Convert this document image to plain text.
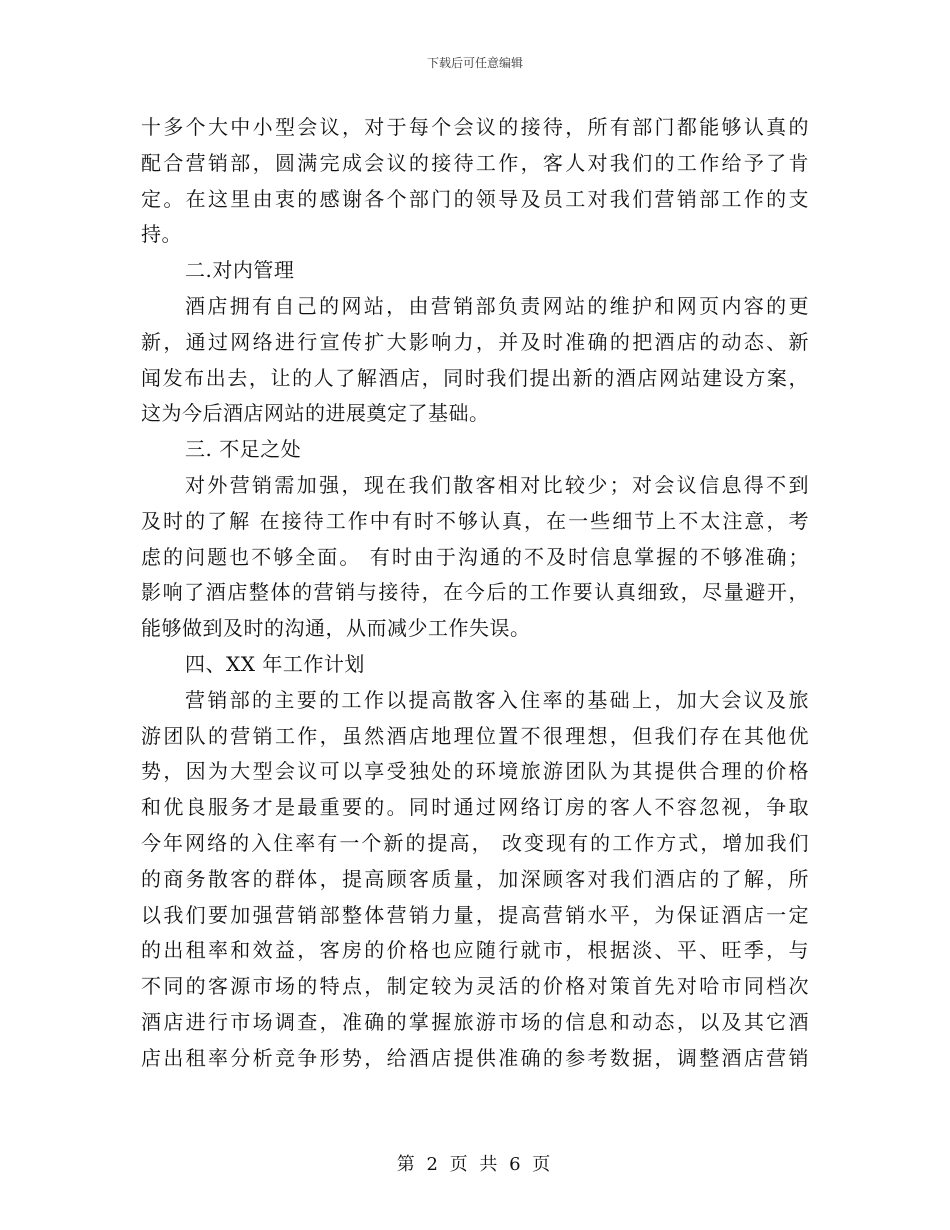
下载后可任意编辑
十多个大中小型会议，对于每个会议的接待，所有部门都能够认真的
配合营销部，圆满完成会议的接待工作，客人对我们的工作给予了肯
定。在这里由衷的感谢各个部门的领导及员工对我们营销部工作的支
持。
二.对内管理
酒店拥有自己的网站，由营销部负责网站的维护和网页内容的更
新，通过网络进行宣传扩大影响力，并及时准确的把酒店的动态、新
闻发布出去，让的人了解酒店，同时我们提出新的酒店网站建设方案，
这为今后酒店网站的进展奠定了基础。
三. 不足之处
对外营销需加强，现在我们散客相对比较少；对会议信息得不到
及时的了解 在接待工作中有时不够认真，在一些细节上不太注意，考
虑的问题也不够全面。 有时由于沟通的不及时信息掌握的不够准确；
影响了酒店整体的营销与接待，在今后的工作要认真细致，尽量避开，
能够做到及时的沟通，从而减少工作失误。
四、XX 年工作计划
营销部的主要的工作以提高散客入住率的基础上，加大会议及旅
游团队的营销工作，虽然酒店地理位置不很理想，但我们存在其他优
势，因为大型会议可以享受独处的环境旅游团队为其提供合理的价格
和优良服务才是最重要的。同时通过网络订房的客人不容忽视，争取
今年网络的入住率有一个新的提高， 改变现有的工作方式，增加我们
的商务散客的群体，提高顾客质量，加深顾客对我们酒店的了解，所
以我们要加强营销部整体营销力量，提高营销水平，为保证酒店一定
的出租率和效益，客房的价格也应随行就市，根据淡、平、旺季，与
不同的客源市场的特点，制定较为灵活的价格对策首先对哈市同档次
酒店进行市场调查，准确的掌握旅游市场的信息和动态，以及其它酒
店出租率分析竞争形势，给酒店提供准确的参考数据，调整酒店营销
第 2 页 共 6 页
